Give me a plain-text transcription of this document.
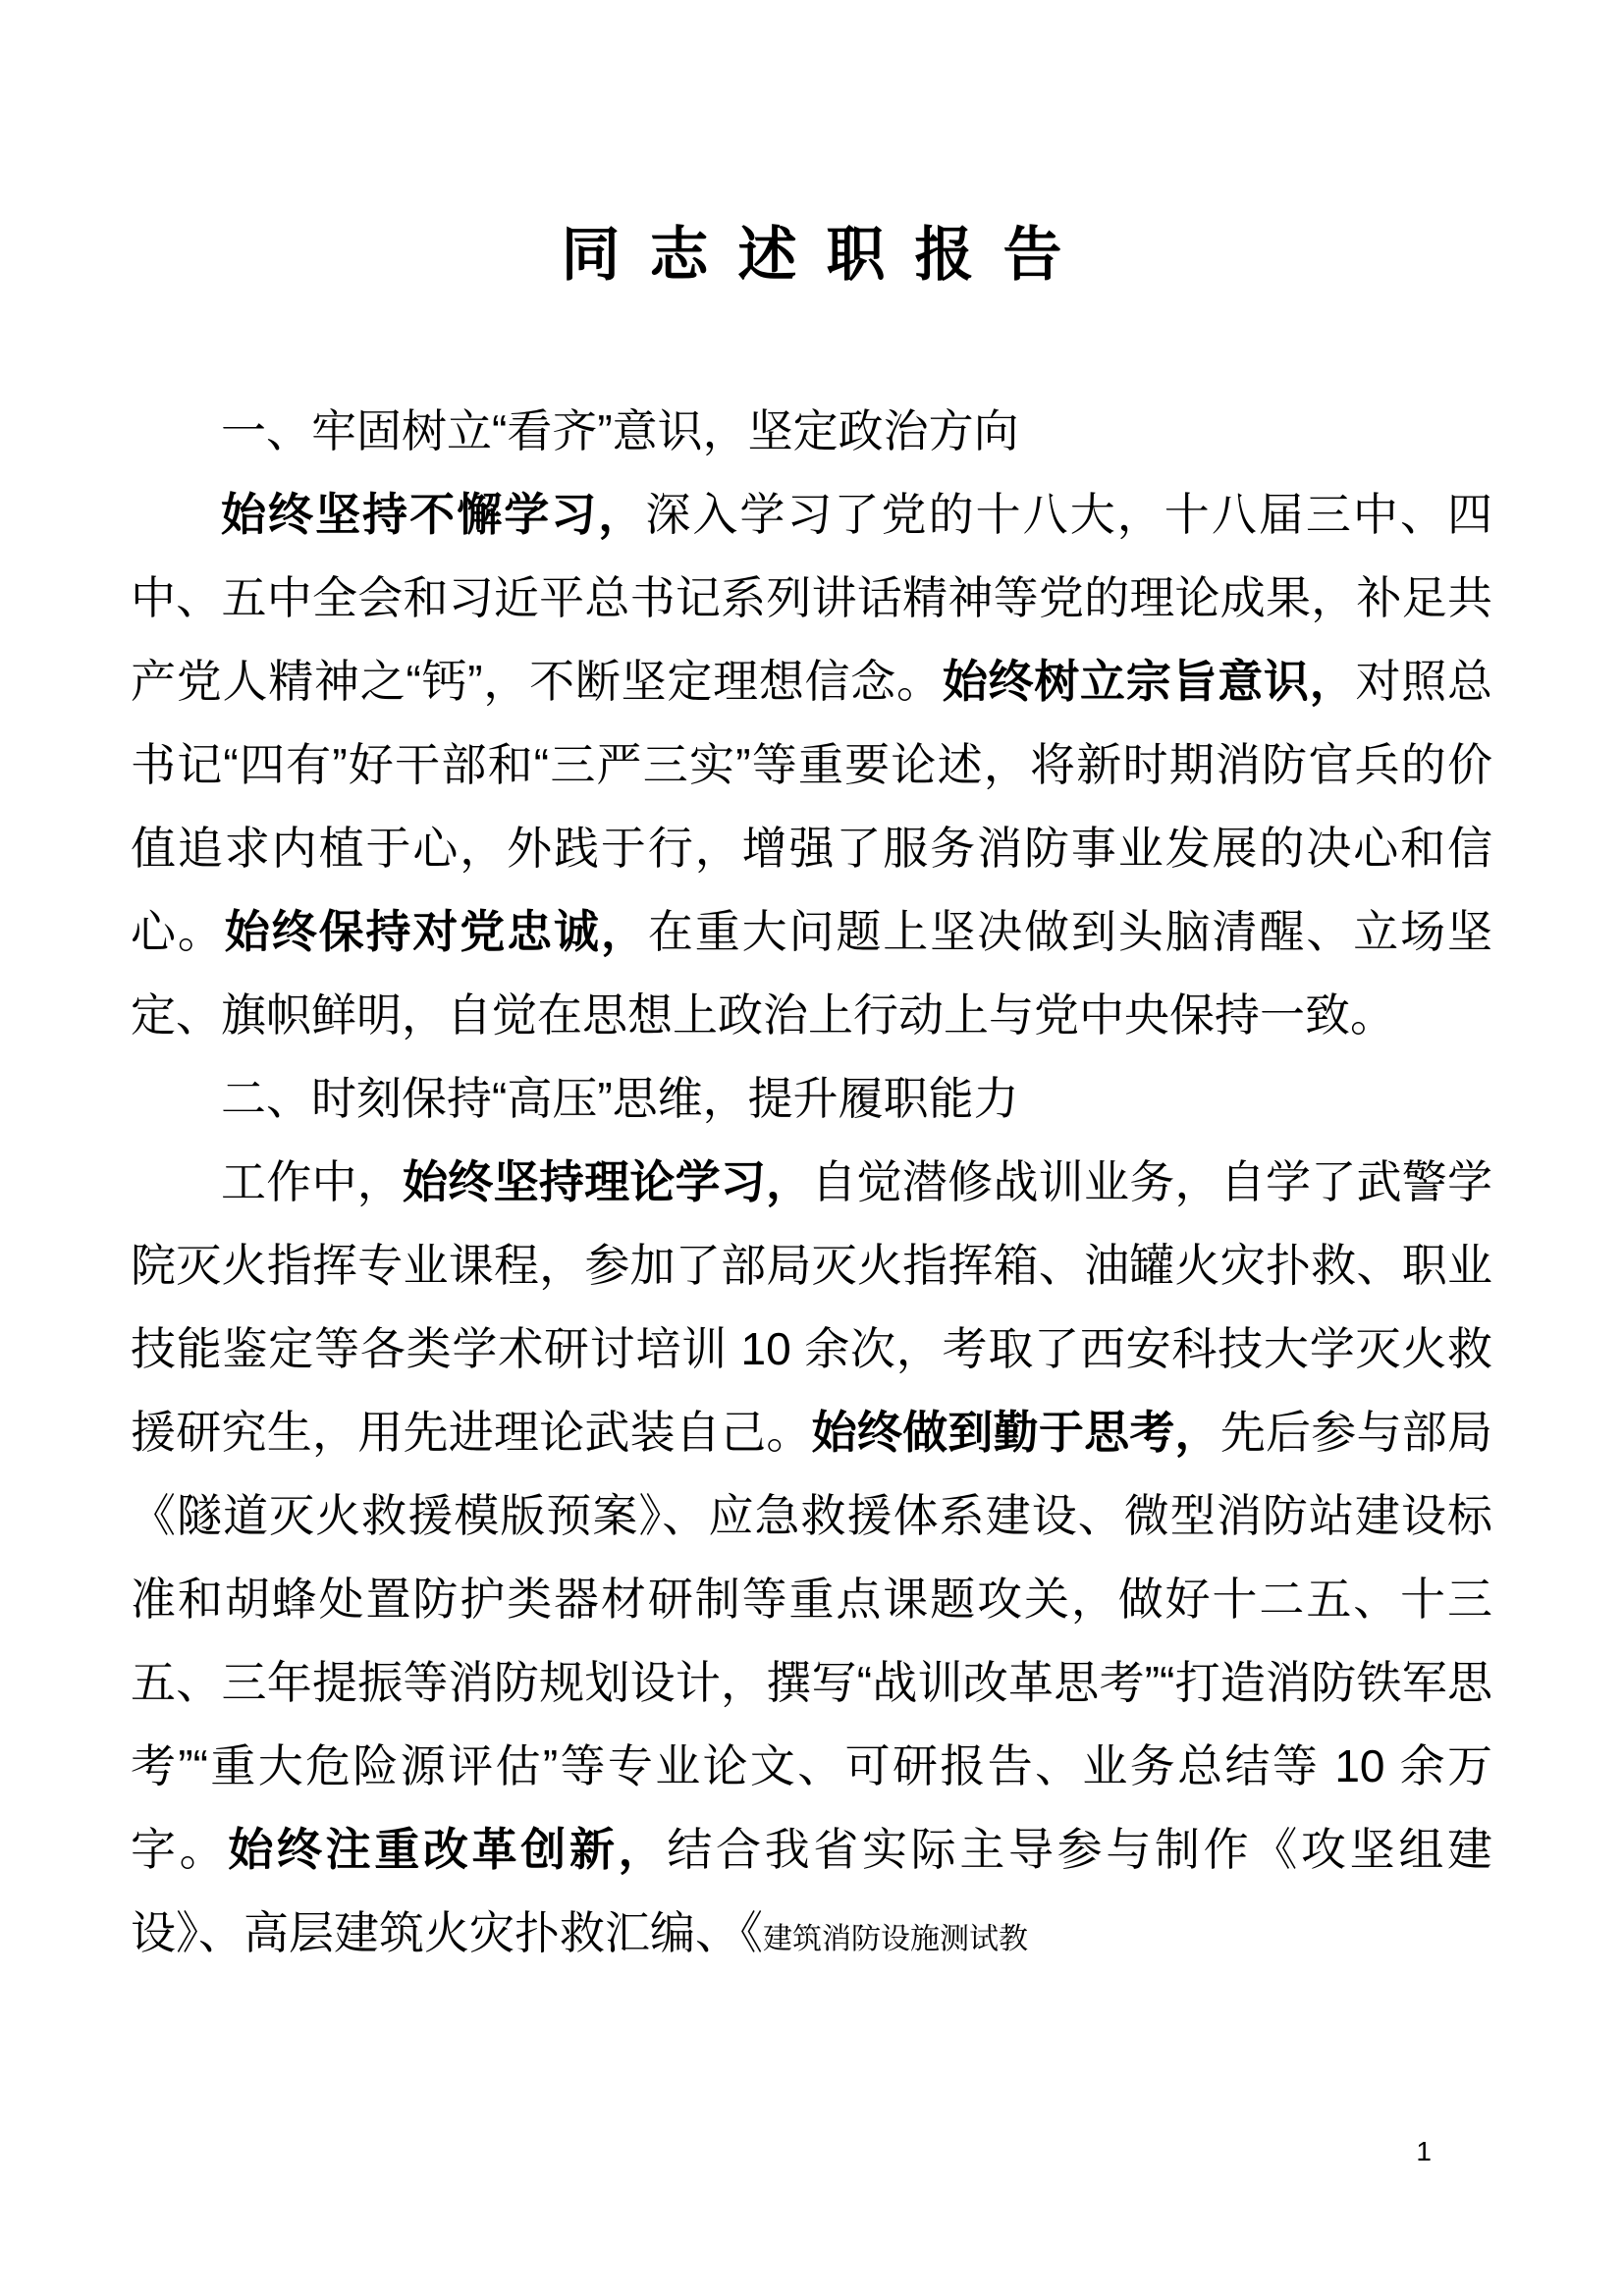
同志述职报告

一、牢固树立“看齐”意识，坚定政治方向

始终坚持不懈学习，深入学习了党的十八大，十八届三中、四中、五中全会和习近平总书记系列讲话精神等党的理论成果，补足共产党人精神之“钙”，不断坚定理想信念。始终树立宗旨意识，对照总书记“四有”好干部和“三严三实”等重要论述，将新时期消防官兵的价值追求内植于心，外践于行，增强了服务消防事业发展的决心和信心。始终保持对党忠诚，在重大问题上坚决做到头脑清醒、立场坚定、旗帜鲜明，自觉在思想上政治上行动上与党中央保持一致。

二、时刻保持“高压”思维，提升履职能力

工作中，始终坚持理论学习，自觉潜修战训业务，自学了武警学院灭火指挥专业课程，参加了部局灭火指挥箱、油罐火灾扑救、职业技能鉴定等各类学术研讨培训 10 余次，考取了西安科技大学灭火救援研究生，用先进理论武装自己。始终做到勤于思考，先后参与部局《隧道灭火救援模版预案》、应急救援体系建设、微型消防站建设标准和胡蜂处置防护类器材研制等重点课题攻关，做好十二五、十三五、三年提振等消防规划设计，撰写“战训改革思考”“打造消防铁军思考”“重大危险源评估”等专业论文、可研报告、业务总结等 10 余万字。始终注重改革创新，结合我省实际主导参与制作《攻坚组建设》、高层建筑火灾扑救汇编、《建筑消防设施测试教

1
